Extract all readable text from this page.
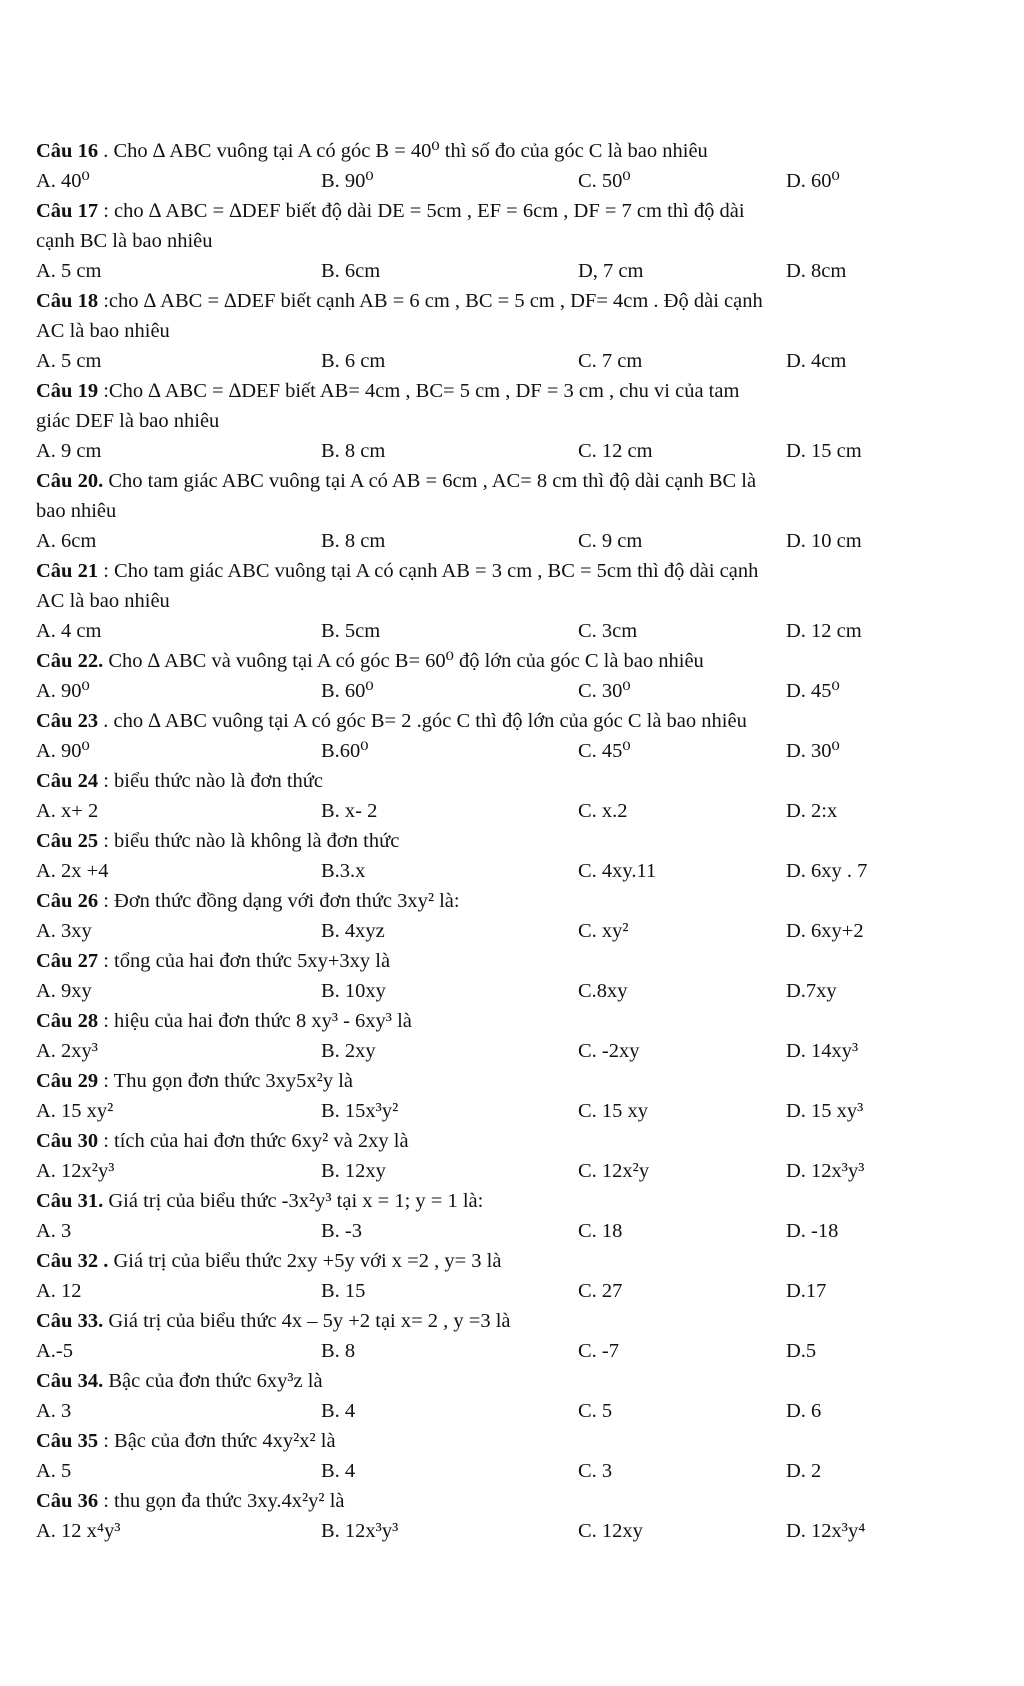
Câu 16 . Cho ∆ ABC vuông tại A có góc B = 40⁰ thì số đo của góc C là bao nhiêu
A. 40⁰	B. 90⁰	C. 50⁰	D. 60⁰
Câu 17 : cho ∆ ABC = ∆DEF biết độ dài DE = 5cm , EF = 6cm , DF = 7 cm thì độ dài
cạnh BC là bao nhiêu
A. 5 cm	B. 6cm	D, 7 cm	D. 8cm
Câu 18 :cho ∆ ABC = ∆DEF biết cạnh AB = 6 cm , BC = 5 cm , DF= 4cm . Độ dài cạnh
AC là bao nhiêu
A. 5 cm	B. 6 cm	C. 7 cm	D. 4cm
Câu 19 :Cho ∆ ABC = ∆DEF biết AB= 4cm , BC= 5 cm , DF = 3 cm , chu vi của tam
giác DEF là bao nhiêu
A. 9 cm	B. 8 cm	C. 12 cm	D. 15 cm
Câu 20. Cho tam giác ABC vuông tại A có AB = 6cm , AC= 8 cm thì độ dài cạnh BC là
bao nhiêu
A. 6cm	B. 8 cm	C. 9 cm	D. 10 cm
Câu 21 : Cho tam giác ABC vuông tại A có cạnh AB = 3 cm , BC = 5cm thì độ dài cạnh
AC là bao nhiêu
A. 4 cm	B. 5cm	C. 3cm	D. 12 cm
Câu 22. Cho ∆ ABC và vuông tại A có góc B= 60⁰ độ lớn của góc C là bao nhiêu
A. 90⁰	B. 60⁰	C. 30⁰	D. 45⁰
Câu 23 . cho ∆ ABC vuông tại A có góc B= 2 .góc C thì độ lớn của góc C là bao nhiêu
A. 90⁰	B.60⁰	C. 45⁰	D. 30⁰
Câu 24 : biểu thức nào là đơn thức
A. x+ 2	B. x- 2	C. x.2	D. 2:x
Câu 25 : biểu thức nào là không là đơn thức
A. 2x +4	B.3.x	C. 4xy.11	D. 6xy . 7
Câu 26 : Đơn thức đồng dạng với đơn thức 3xy² là:
A. 3xy	B. 4xyz	C. xy²	D. 6xy+2
Câu 27 : tổng của hai đơn thức 5xy+3xy là
A. 9xy	B. 10xy	C.8xy	D.7xy
Câu 28 : hiệu của hai đơn thức 8 xy³ - 6xy³ là
A. 2xy³	B. 2xy	C. -2xy	D. 14xy³
Câu 29 : Thu gọn đơn thức 3xy5x²y là
A. 15 xy²	B. 15x³y²	C. 15 xy	D. 15 xy³
Câu 30 : tích của hai đơn thức 6xy² và 2xy là
A. 12x²y³	B. 12xy	C. 12x²y	D. 12x³y³
Câu 31. Giá trị của biểu thức -3x²y³ tại x = 1; y = 1 là:
A. 3	B. -3	C. 18	D. -18
Câu 32 . Giá trị của biểu thức 2xy +5y với x =2 , y= 3 là
A. 12	B. 15	C. 27	D.17
Câu 33. Giá trị của biểu thức 4x – 5y +2 tại x= 2 , y =3 là
A.-5	B. 8	C. -7	D.5
Câu 34. Bậc của đơn thức 6xy³z là
A. 3	B. 4	C. 5	D. 6
Câu 35 : Bậc của đơn thức 4xy²x² là
A. 5	B. 4	C. 3	D. 2
Câu 36 : thu gọn đa thức 3xy.4x²y² là
A. 12 x⁴y³	B. 12x³y³	C. 12xy	D. 12x³y⁴
